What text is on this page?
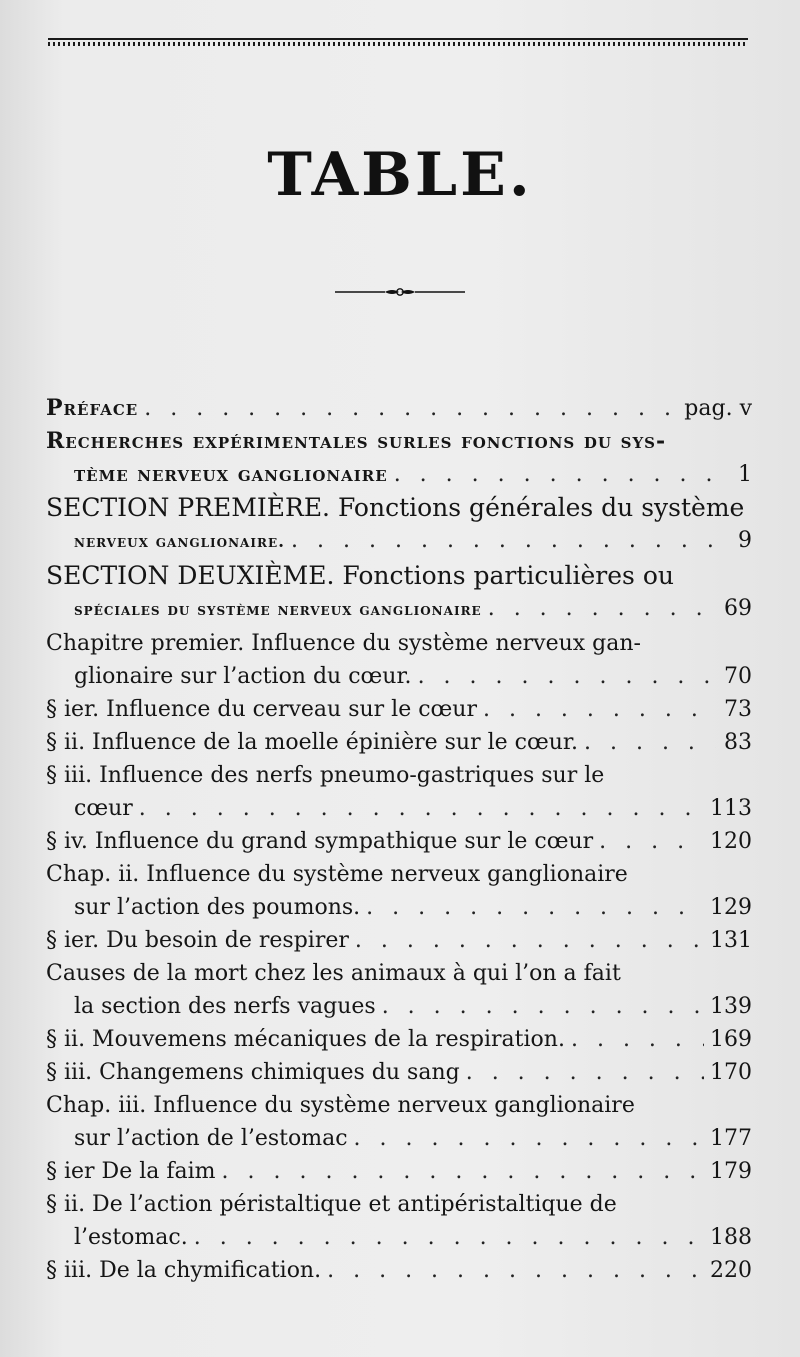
TABLE.
Préface . . .	pag. v
Recherches expérimentales surles fonctions du sys-
tème nerveux ganglionaire . . .	1
SECTION PREMIÈRE. Fonctions générales du système
nerveux ganglionaire. . . .	9
SECTION DEUXIÈME. Fonctions particulières ou
spéciales du système nerveux ganglionaire . . .	69
Chapitre premier. Influence du système nerveux gan-
glionaire sur l’action du cœur. . . .	70
§ ier. Influence du cerveau sur le cœur . . .	73
§ ii. Influence de la moelle épinière sur le cœur. . . .	83
§ iii. Influence des nerfs pneumo-gastriques sur le
cœur . . .	113
§ iv. Influence du grand sympathique sur le cœur . . .	120
Chap. ii. Influence du système nerveux ganglionaire
sur l’action des poumons. . . .	129
§ ier. Du besoin de respirer . . .	131
Causes de la mort chez les animaux à qui l’on a fait
la section des nerfs vagues . . .	139
§ ii. Mouvemens mécaniques de la respiration. . . .	169
§ iii. Changemens chimiques du sang . . .	170
Chap. iii. Influence du système nerveux ganglionaire
sur l’action de l’estomac . . .	177
§ ier De la faim . . .	179
§ ii. De l’action péristaltique et antipéristaltique de
l’estomac. . . .	188
§ iii. De la chymification. . . .	220
